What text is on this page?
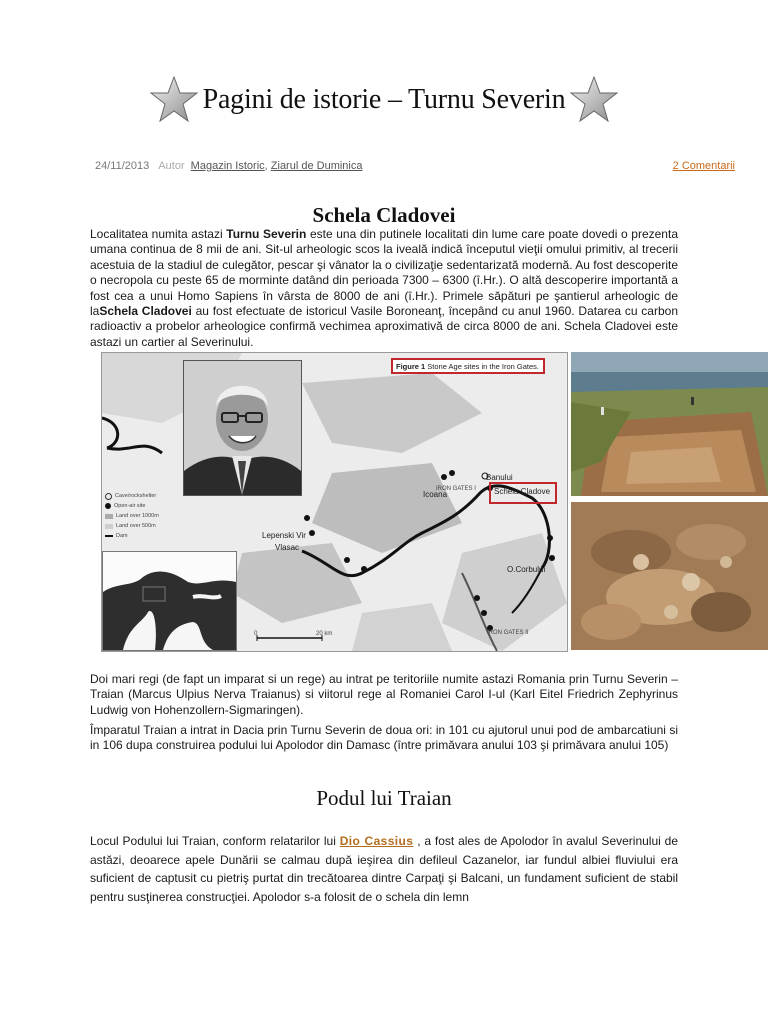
Pagini de istorie – Turnu Severin
24/11/2013 Autor Magazin Istoric, Ziarul de Duminica	2 Comentarii
Schela Cladovei

Localitatea numita astazi Turnu Severin este una din putinele localitati din lume care poate dovedi o prezenta umana continua de 8 mii de ani. Sit-ul arheologic scos la iveală indică începutul vieţii omului primitiv, al trecerii acestuia de la stadiul de culegător, pescar şi vânator la o civilizaţie sedentarizată modernă. Au fost descoperite o necropola cu peste 65 de morminte datând din perioada 7300 – 6300 (î.Hr.). O altă descoperire importantă a fost cea a unui Homo Sapiens în vârsta de 8000 de ani (î.Hr.). Primele săpături pe şantierul arheologic de laSchela Cladovei au fost efectuate de istoricul Vasile Boroneanţ, începând cu anul 1960. Datarea cu carbon radioactiv a probelor arheologice confirmă vechimea aproximativă de circa 8000 de ani. Schela Cladovei este astazi un cartier al Severinului.

Figure 1 Stone Age sites in the Iron Gates.
Banului
Schela Cladove
Icoana
Lepenski Vir
Vlasac
O.Corbului
IRON GATES I
IRON GATES II
0	20 km
Cave/rockshelter
Open-air site
Land over 1000m
Land over 500m
Dam

Doi mari regi (de fapt un imparat si un rege) au intrat pe teritoriile numite astazi Romania prin Turnu Severin – Traian (Marcus Ulpius Nerva Traianus) si viitorul rege al Romaniei Carol I-ul (Karl Eitel Friedrich Zephyrinus Ludwig von Hohenzollern-Sigmaringen).

Împaratul Traian a intrat in Dacia prin Turnu Severin de doua ori: in 101 cu ajutorul unui pod de ambarcatiuni si in 106 dupa construirea podului lui Apolodor din Damasc (între primăvara anului 103 şi primăvara anului 105)

Podul lui Traian

Locul Podului lui Traian, conform relatarilor lui Dio Cassius , a fost ales de Apolodor în avalul Severinului de astăzi, deoarece apele Dunării se calmau după ieşirea din defileul Cazanelor, iar fundul albiei fluviului era suficient de captusit cu pietriş purtat din trecătoarea dintre Carpaţi şi Balcani, un fundament suficient de stabil pentru susţinerea construcţiei. Apolodor s-a folosit de o schela din lemn
